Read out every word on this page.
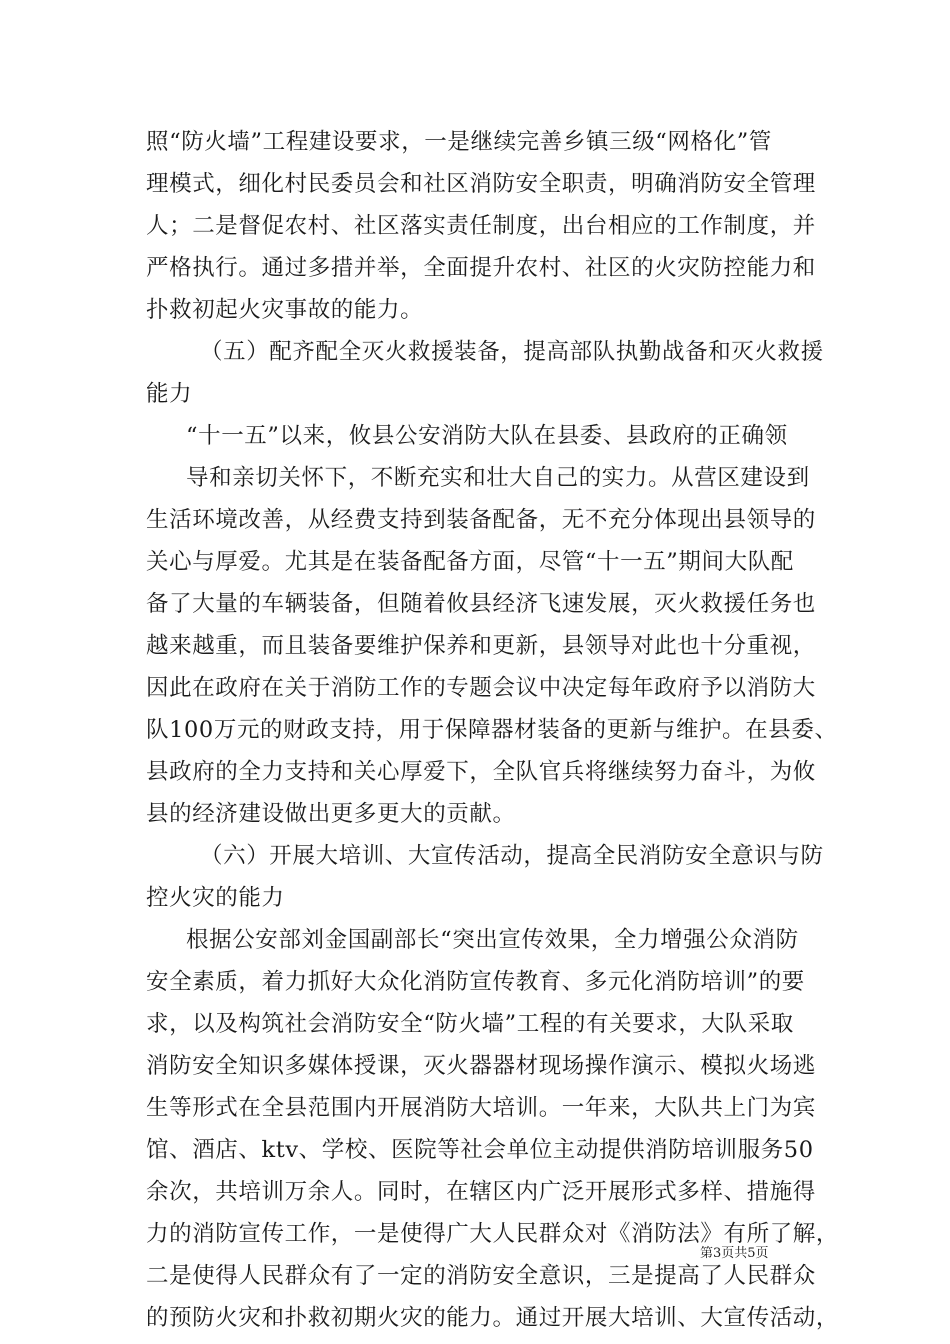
照“防火墙”工程建设要求，一是继续完善乡镇三级“网格化”管
理模式，细化村民委员会和社区消防安全职责，明确消防安全管理
人；二是督促农村、社区落实责任制度，出台相应的工作制度，并
严格执行。通过多措并举，全面提升农村、社区的火灾防控能力和
扑救初起火灾事故的能力。
（五）配齐配全灭火救援装备，提高部队执勤战备和灭火救援
能力
“十一五”以来，攸县公安消防大队在县委、县政府的正确领
导和亲切关怀下，不断充实和壮大自己的实力。从营区建设到
生活环境改善，从经费支持到装备配备，无不充分体现出县领导的
关心与厚爱。尤其是在装备配备方面，尽管“十一五”期间大队配
备了大量的车辆装备，但随着攸县经济飞速发展，灭火救援任务也
越来越重，而且装备要维护保养和更新，县领导对此也十分重视，
因此在政府在关于消防工作的专题会议中决定每年政府予以消防大
队100万元的财政支持，用于保障器材装备的更新与维护。在县委、
县政府的全力支持和关心厚爱下，全队官兵将继续努力奋斗，为攸
县的经济建设做出更多更大的贡献。
（六）开展大培训、大宣传活动，提高全民消防安全意识与防
控火灾的能力
根据公安部刘金国副部长“突出宣传效果，全力增强公众消防
安全素质，着力抓好大众化消防宣传教育、多元化消防培训”的要
求，以及构筑社会消防安全“防火墙”工程的有关要求，大队采取
消防安全知识多媒体授课，灭火器器材现场操作演示、模拟火场逃
生等形式在全县范围内开展消防大培训。一年来，大队共上门为宾
馆、酒店、ktv、学校、医院等社会单位主动提供消防培训服务50
余次，共培训万余人。同时，在辖区内广泛开展形式多样、措施得
力的消防宣传工作，一是使得广大人民群众对《消防法》有所了解，
二是使得人民群众有了一定的消防安全意识，三是提高了人民群众
的预防火灾和扑救初期火灾的能力。通过开展大培训、大宣传活动，
第3页共5页
